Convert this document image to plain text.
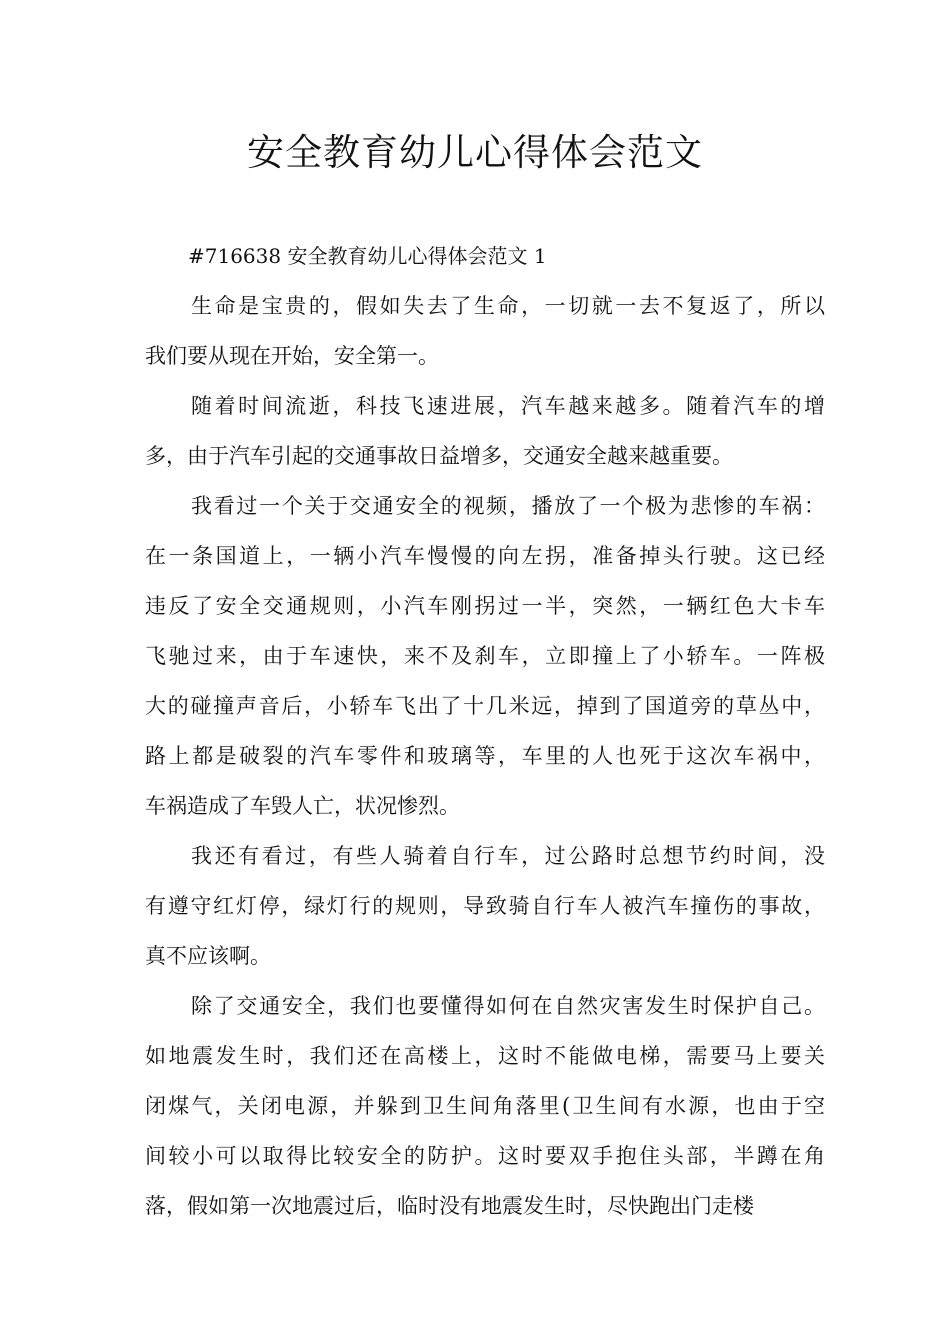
安全教育幼儿心得体会范文
#716638 安全教育幼儿心得体会范文 1
生命是宝贵的，假如失去了生命，一切就一去不复返了，所以
我们要从现在开始，安全第一。
随着时间流逝，科技飞速进展，汽车越来越多。随着汽车的增
多，由于汽车引起的交通事故日益增多，交通安全越来越重要。
我看过一个关于交通安全的视频，播放了一个极为悲惨的车祸：
在一条国道上，一辆小汽车慢慢的向左拐，准备掉头行驶。这已经
违反了安全交通规则，小汽车刚拐过一半，突然，一辆红色大卡车
飞驰过来，由于车速快，来不及刹车，立即撞上了小轿车。一阵极
大的碰撞声音后，小轿车飞出了十几米远，掉到了国道旁的草丛中，
路上都是破裂的汽车零件和玻璃等，车里的人也死于这次车祸中，
车祸造成了车毁人亡，状况惨烈。
我还有看过，有些人骑着自行车，过公路时总想节约时间，没
有遵守红灯停，绿灯行的规则，导致骑自行车人被汽车撞伤的事故，
真不应该啊。
除了交通安全，我们也要懂得如何在自然灾害发生时保护自己。
如地震发生时，我们还在高楼上，这时不能做电梯，需要马上要关
闭煤气，关闭电源，并躲到卫生间角落里(卫生间有水源，也由于空
间较小可以取得比较安全的防护。这时要双手抱住头部，半蹲在角
落，假如第一次地震过后，临时没有地震发生时，尽快跑出门走楼
